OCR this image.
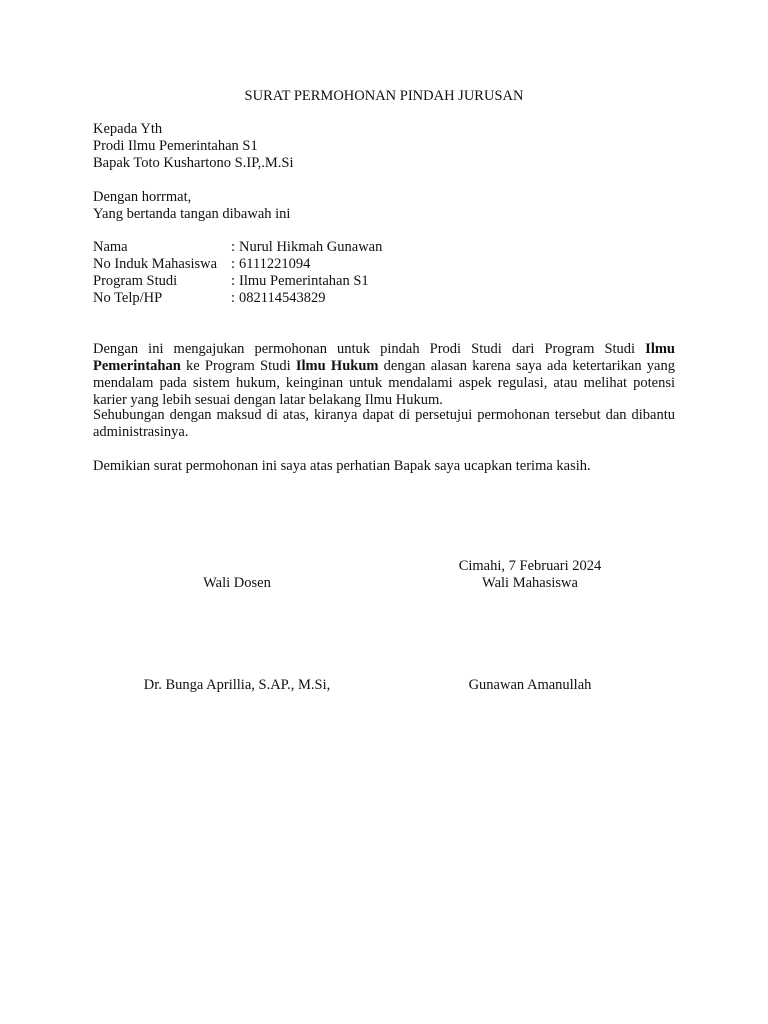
SURAT PERMOHONAN PINDAH JURUSAN
Kepada Yth
Prodi Ilmu Pemerintahan S1
Bapak Toto Kushartono S.IP,.M.Si
Dengan horrmat,
Yang bertanda tangan dibawah ini
Nama	: Nurul Hikmah Gunawan
No Induk Mahasiswa : 6111221094
Program Studi	: Ilmu Pemerintahan S1
No Telp/HP	: 082114543829
Dengan ini mengajukan permohonan untuk pindah Prodi Studi dari Program Studi Ilmu Pemerintahan ke Program Studi Ilmu Hukum dengan alasan karena saya ada ketertarikan yang mendalam pada sistem hukum, keinginan untuk mendalami aspek regulasi, atau melihat potensi karier yang lebih sesuai dengan latar belakang Ilmu Hukum.
Sehubungan dengan maksud di atas, kiranya dapat di persetujui permohonan tersebut dan dibantu administrasinya.
Demikian surat permohonan ini saya atas perhatian Bapak saya ucapkan terima kasih.
Cimahi, 7 Februari 2024
Wali Dosen	Wali Mahasiswa
Dr. Bunga Aprillia, S.AP., M.Si,	Gunawan Amanullah
